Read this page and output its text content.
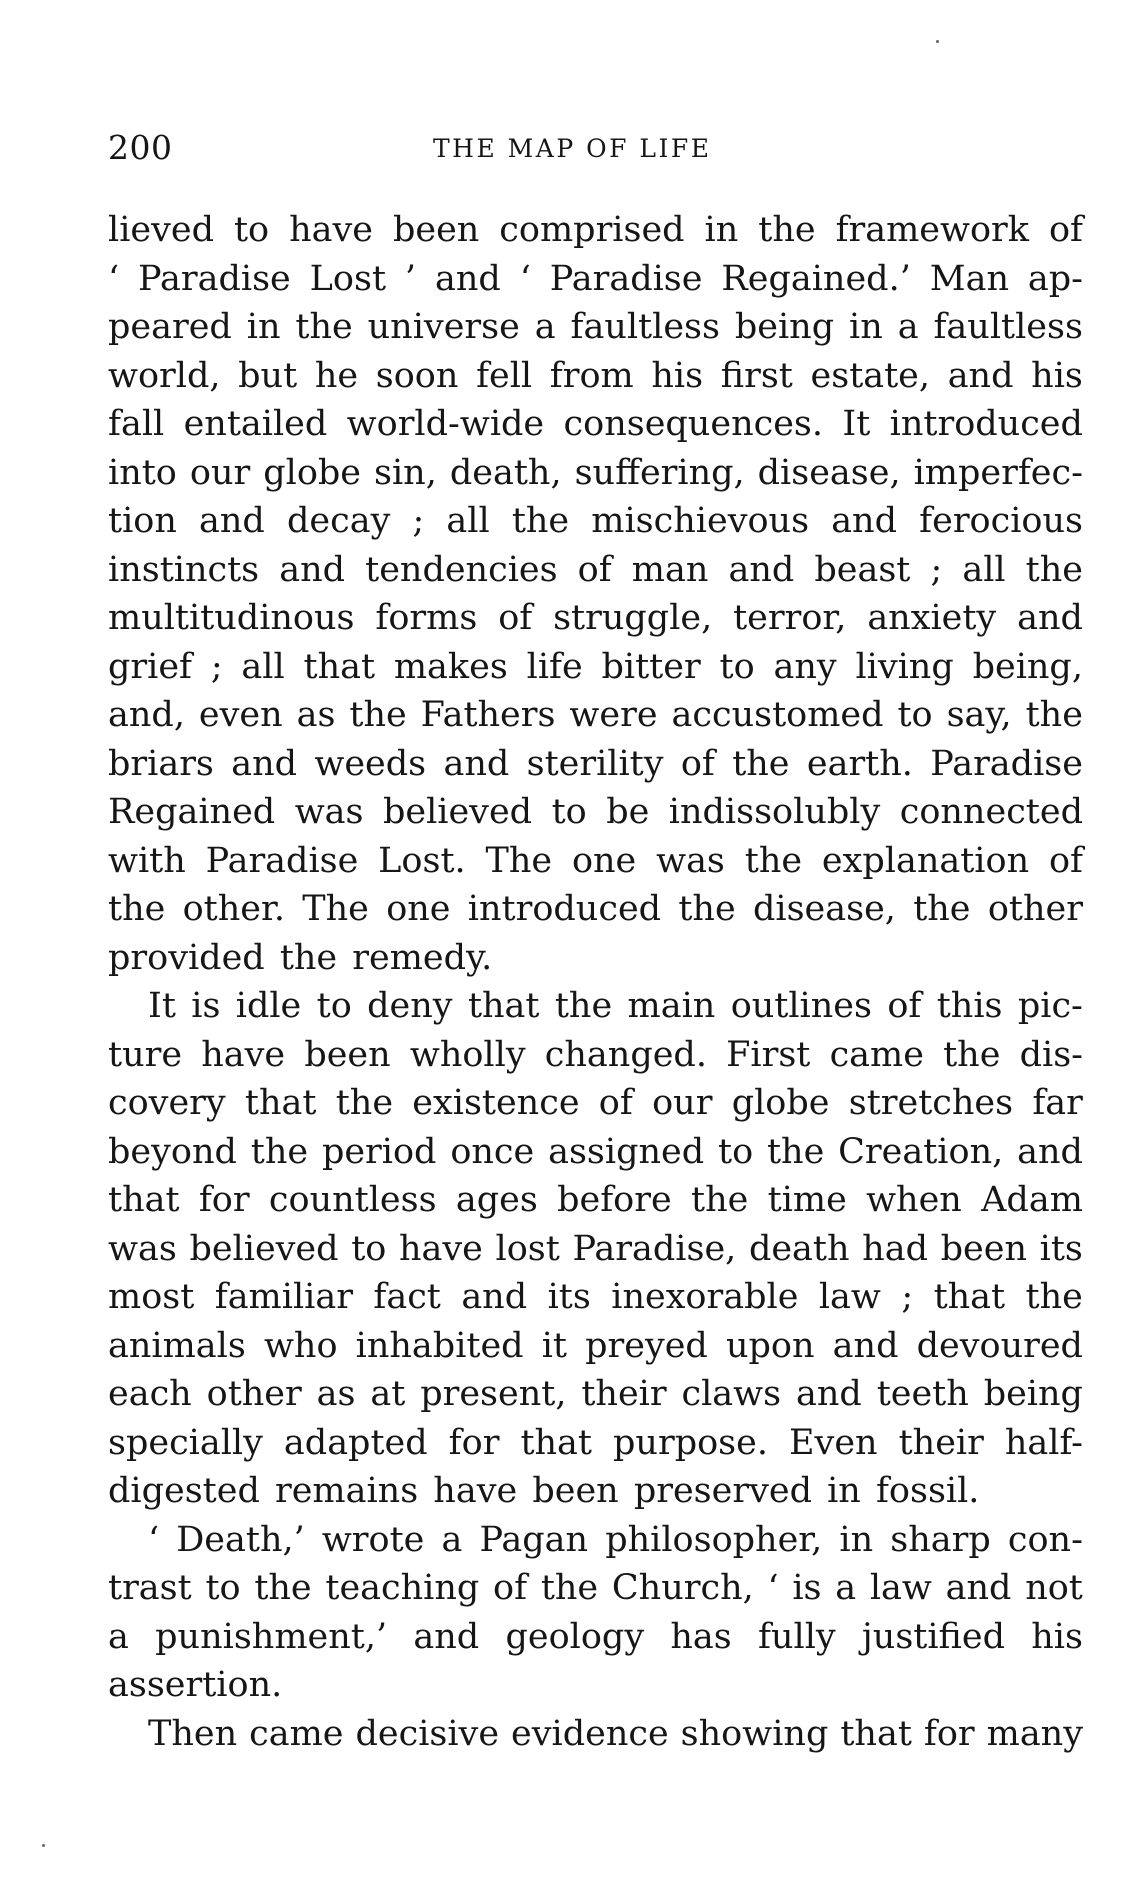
200	THE MAP OF LIFE
lieved to have been comprised in the framework of
‘ Paradise Lost ’ and ‘ Paradise Regained.’ Man ap-
peared in the universe a faultless being in a faultless
world, but he soon fell from his first estate, and his
fall entailed world-wide consequences. It introduced
into our globe sin, death, suffering, disease, imperfec-
tion and decay ; all the mischievous and ferocious
instincts and tendencies of man and beast ; all the
multitudinous forms of struggle, terror, anxiety and
grief ; all that makes life bitter to any living being,
and, even as the Fathers were accustomed to say, the
briars and weeds and sterility of the earth. Paradise
Regained was believed to be indissolubly connected
with Paradise Lost. The one was the explanation of
the other. The one introduced the disease, the other
provided the remedy.
It is idle to deny that the main outlines of this pic-
ture have been wholly changed. First came the dis-
covery that the existence of our globe stretches far
beyond the period once assigned to the Creation, and
that for countless ages before the time when Adam
was believed to have lost Paradise, death had been its
most familiar fact and its inexorable law ; that the
animals who inhabited it preyed upon and devoured
each other as at present, their claws and teeth being
specially adapted for that purpose. Even their half-
digested remains have been preserved in fossil.
‘ Death,’ wrote a Pagan philosopher, in sharp con-
trast to the teaching of the Church, ‘ is a law and not
a punishment,’ and geology has fully justified his
assertion.
Then came decisive evidence showing that for many
